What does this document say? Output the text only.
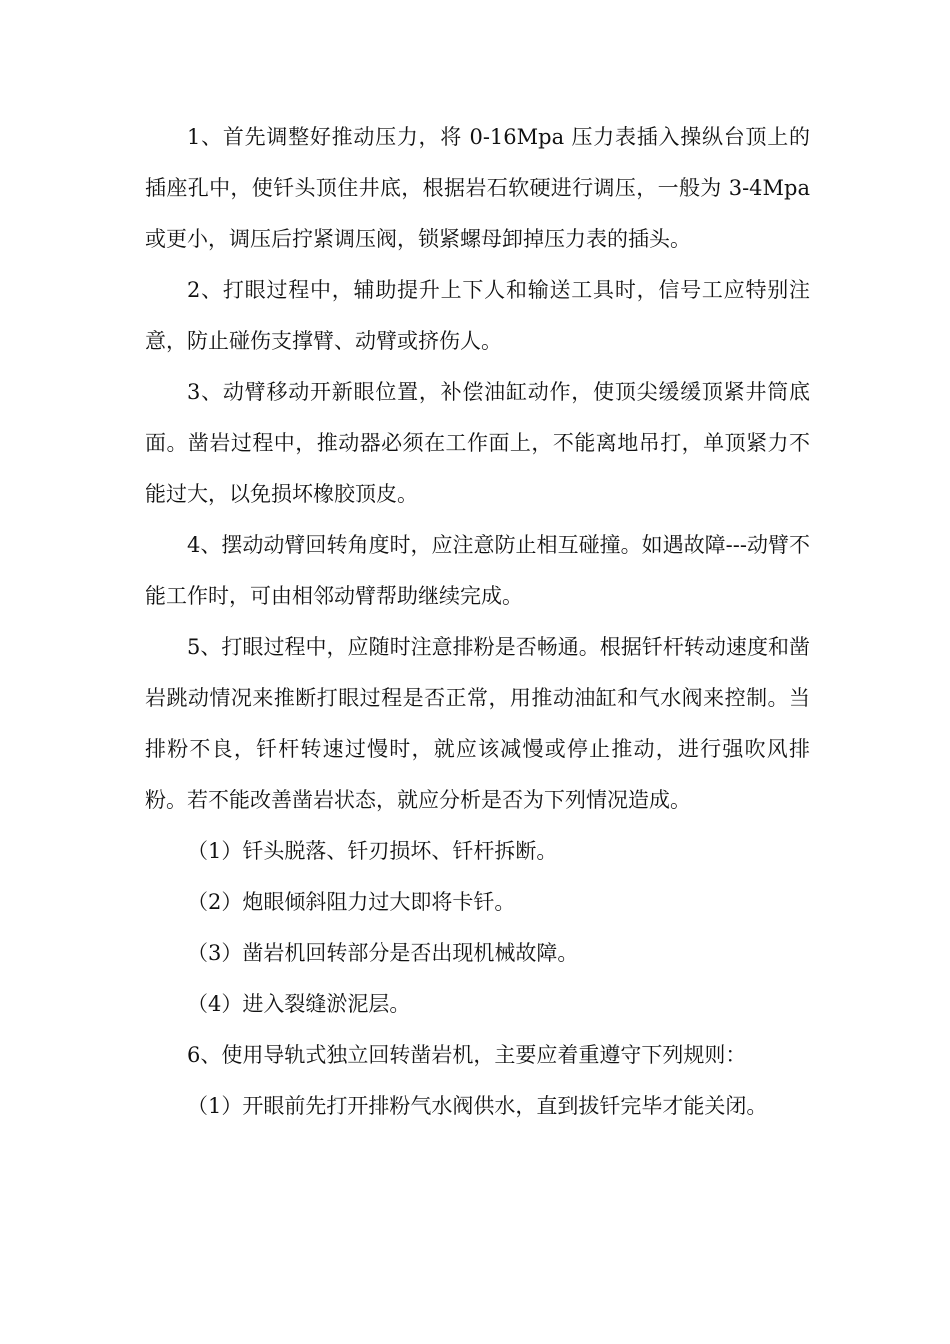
1、首先调整好推动压力，将 0-16Mpa 压力表插入操纵台顶上的插座孔中，使钎头顶住井底，根据岩石软硬进行调压，一般为 3-4Mpa 或更小，调压后拧紧调压阀，锁紧螺母卸掉压力表的插头。

2、打眼过程中，辅助提升上下人和输送工具时，信号工应特别注意，防止碰伤支撑臂、动臂或挤伤人。

3、动臂移动开新眼位置，补偿油缸动作，使顶尖缓缓顶紧井筒底面。凿岩过程中，推动器必须在工作面上，不能离地吊打，单顶紧力不能过大，以免损坏橡胶顶皮。

4、摆动动臂回转角度时，应注意防止相互碰撞。如遇故障---动臂不能工作时，可由相邻动臂帮助继续完成。

5、打眼过程中，应随时注意排粉是否畅通。根据钎杆转动速度和凿岩跳动情况来推断打眼过程是否正常，用推动油缸和气水阀来控制。当排粉不良，钎杆转速过慢时，就应该减慢或停止推动，进行强吹风排粉。若不能改善凿岩状态，就应分析是否为下列情况造成。

（1）钎头脱落、钎刃损坏、钎杆拆断。

（2）炮眼倾斜阻力过大即将卡钎。

（3）凿岩机回转部分是否出现机械故障。

（4）进入裂缝淤泥层。

6、使用导轨式独立回转凿岩机，主要应着重遵守下列规则：

（1）开眼前先打开排粉气水阀供水，直到拔钎完毕才能关闭。
